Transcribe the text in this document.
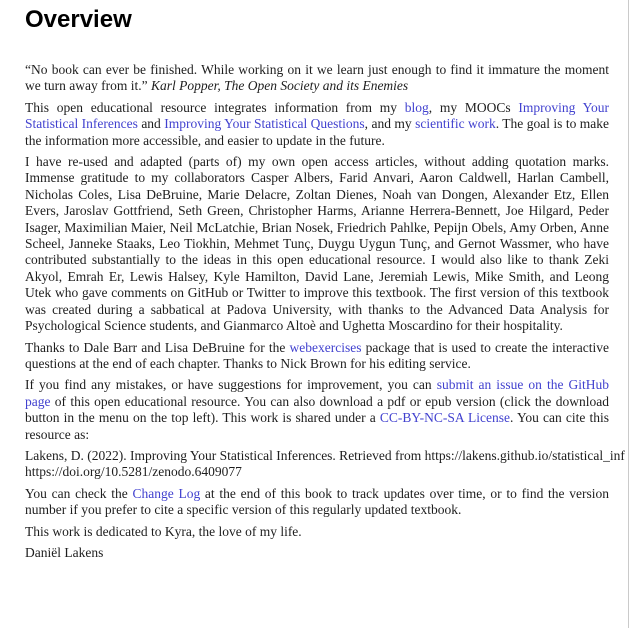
Overview

“No book can ever be finished. While working on it we learn just enough to find it immature the moment we turn away from it.” Karl Popper, The Open Society and its Enemies

This open educational resource integrates information from my blog, my MOOCs Improving Your Statistical Inferences and Improving Your Statistical Questions, and my scientific work. The goal is to make the information more accessible, and easier to update in the future.

I have re-used and adapted (parts of) my own open access articles, without adding quotation marks. Immense gratitude to my collaborators Casper Albers, Farid Anvari, Aaron Caldwell, Harlan Cambell, Nicholas Coles, Lisa DeBruine, Marie Delacre, Zoltan Dienes, Noah van Dongen, Alexander Etz, Ellen Evers, Jaroslav Gottfriend, Seth Green, Christopher Harms, Arianne Herrera-Bennett, Joe Hilgard, Peder Isager, Maximilian Maier, Neil McLatchie, Brian Nosek, Friedrich Pahlke, Pepijn Obels, Amy Orben, Anne Scheel, Janneke Staaks, Leo Tiokhin, Mehmet Tunç, Duygu Uygun Tunç, and Gernot Wassmer, who have contributed substantially to the ideas in this open educational resource. I would also like to thank Zeki Akyol, Emrah Er, Lewis Halsey, Kyle Hamilton, David Lane, Jeremiah Lewis, Mike Smith, and Leong Utek who gave comments on GitHub or Twitter to improve this textbook. The first version of this textbook was created during a sabbatical at Padova University, with thanks to the Advanced Data Analysis for Psychological Science students, and Gianmarco Altoè and Ughetta Moscardino for their hospitality.

Thanks to Dale Barr and Lisa DeBruine for the webexercises package that is used to create the interactive questions at the end of each chapter. Thanks to Nick Brown for his editing service.

If you find any mistakes, or have suggestions for improvement, you can submit an issue on the GitHub page of this open educational resource. You can also download a pdf or epub version (click the download button in the menu on the top left). This work is shared under a CC-BY-NC-SA License. You can cite this resource as:

Lakens, D. (2022). Improving Your Statistical Inferences. Retrieved from https://lakens.github.io/statistical_inf
https://doi.org/10.5281/zenodo.6409077

You can check the Change Log at the end of this book to track updates over time, or to find the version number if you prefer to cite a specific version of this regularly updated textbook.

This work is dedicated to Kyra, the love of my life.

Daniël Lakens
